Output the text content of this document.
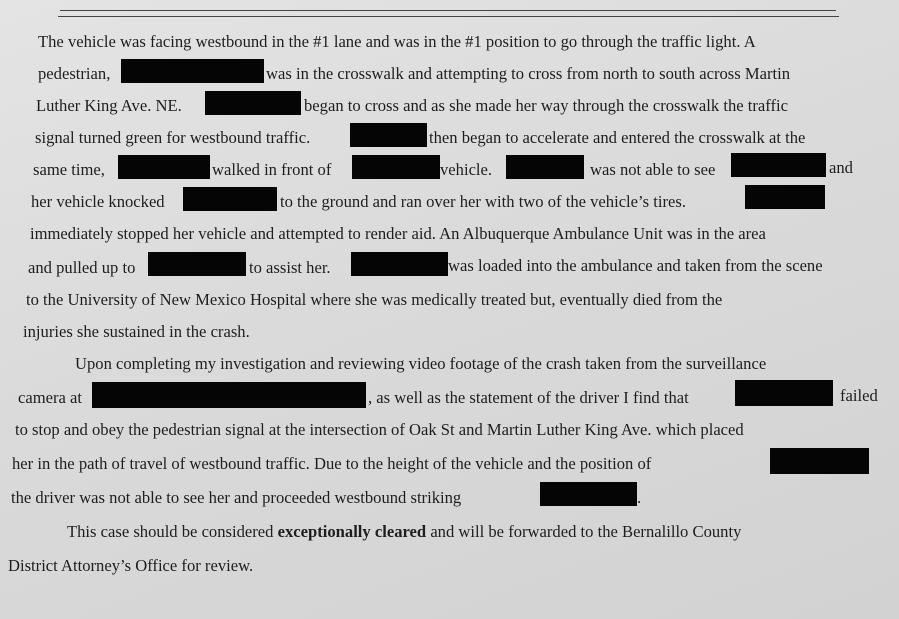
The vehicle was facing westbound in the #1 lane and was in the #1 position to go through the traffic light. A
pedestrian,	was in the crosswalk and attempting to cross from north to south across Martin
Luther King Ave. NE.	began to cross and as she made her way through the crosswalk the traffic
signal turned green for westbound traffic.	then began to accelerate and entered the crosswalk at the
same time,	walked in front of	vehicle.	was not able to see	and
her vehicle knocked	to the ground and ran over her with two of the vehicle’s tires.
immediately stopped her vehicle and attempted to render aid. An Albuquerque Ambulance Unit was in the area
and pulled up to	to assist her.	was loaded into the ambulance and taken from the scene
to the University of New Mexico Hospital where she was medically treated but, eventually died from the
injuries she sustained in the crash.
Upon completing my investigation and reviewing video footage of the crash taken from the surveillance
camera at	, as well as the statement of the driver I find that	failed
to stop and obey the pedestrian signal at the intersection of Oak St and Martin Luther King Ave. which placed
her in the path of travel of westbound traffic. Due to the height of the vehicle and the position of
the driver was not able to see her and proceeded westbound striking	.
This case should be considered exceptionally cleared and will be forwarded to the Bernalillo County
District Attorney’s Office for review.
